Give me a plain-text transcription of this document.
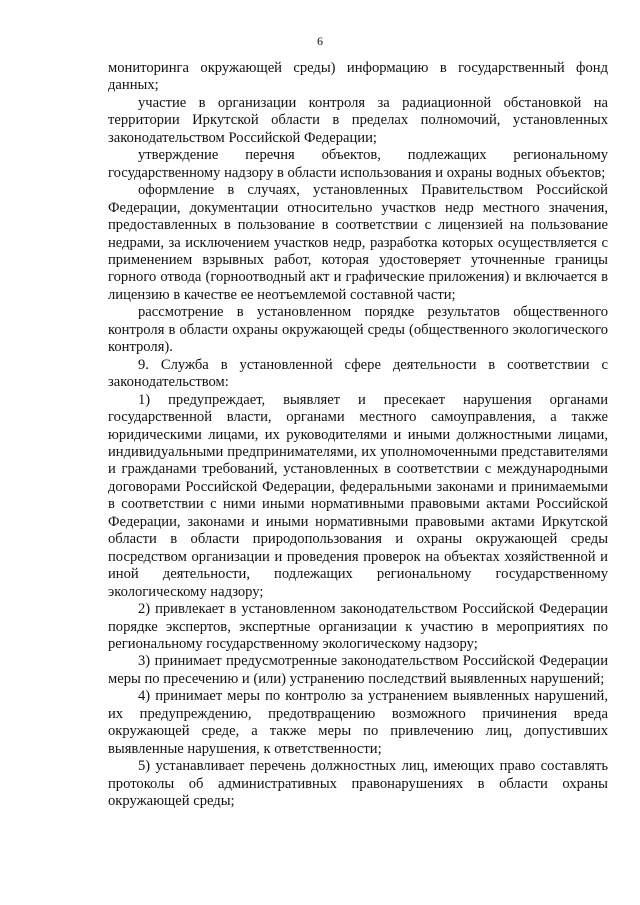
6

мониторинга окружающей среды) информацию в государственный фонд данных;

участие в организации контроля за радиационной обстановкой на территории Иркутской области в пределах полномочий, установленных законодательством Российской Федерации;

утверждение перечня объектов, подлежащих региональному государственному надзору в области использования и охраны водных объектов;

оформление в случаях, установленных Правительством Российской Федерации, документации относительно участков недр местного значения, предоставленных в пользование в соответствии с лицензией на пользование недрами, за исключением участков недр, разработка которых осуществляется с применением взрывных работ, которая удостоверяет уточненные границы горного отвода (горноотводный акт и графические приложения) и включается в лицензию в качестве ее неотъемлемой составной части;

рассмотрение в установленном порядке результатов общественного контроля в области охраны окружающей среды (общественного экологического контроля).

9. Служба в установленной сфере деятельности в соответствии с законодательством:

1) предупреждает, выявляет и пресекает нарушения органами государственной власти, органами местного самоуправления, а также юридическими лицами, их руководителями и иными должностными лицами, индивидуальными предпринимателями, их уполномоченными представителями и гражданами требований, установленных в соответствии с международными договорами Российской Федерации, федеральными законами и принимаемыми в соответствии с ними иными нормативными правовыми актами Российской Федерации, законами и иными нормативными правовыми актами Иркутской области в области природопользования и охраны окружающей среды посредством организации и проведения проверок на объектах хозяйственной и иной деятельности, подлежащих региональному государственному экологическому надзору;

2) привлекает в установленном законодательством Российской Федерации порядке экспертов, экспертные организации к участию в мероприятиях по региональному государственному экологическому надзору;

3) принимает предусмотренные законодательством Российской Федерации меры по пресечению и (или) устранению последствий выявленных нарушений;

4) принимает меры по контролю за устранением выявленных нарушений, их предупреждению, предотвращению возможного причинения вреда окружающей среде, а также меры по привлечению лиц, допустивших выявленные нарушения, к ответственности;

5) устанавливает перечень должностных лиц, имеющих право составлять протоколы об административных правонарушениях в области охраны окружающей среды;
